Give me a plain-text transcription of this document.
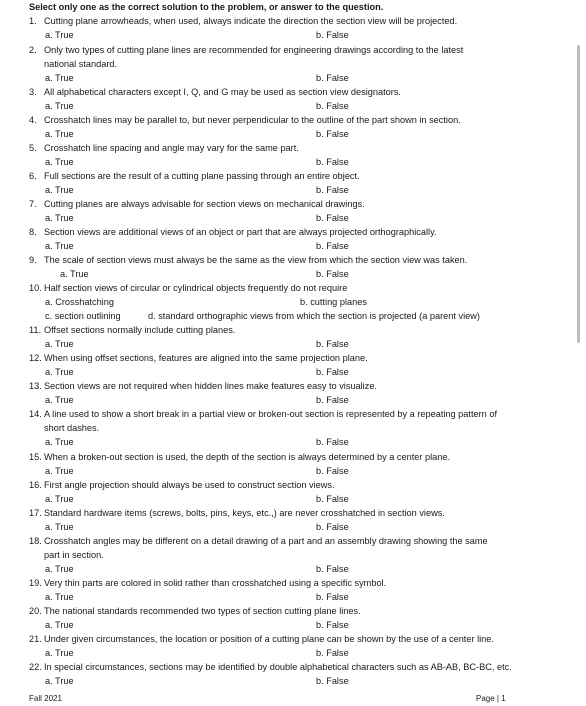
Select only one as the correct solution to the problem, or answer to the question.
1. Cutting plane arrowheads, when used, always indicate the direction the section view will be projected.
a. True	b. False
2. Only two types of cutting plane lines are recommended for engineering drawings according to the latest
national standard.
a. True	b. False
3. All alphabetical characters except I, Q, and G may be used as section view designators.
a. True	b. False
4. Crosshatch lines may be parallel to, but never perpendicular to the outline of the part shown in section.
a. True	b. False
5. Crosshatch line spacing and angle may vary for the same part.
a. True	b. False
6. Full sections are the result of a cutting plane passing through an entire object.
a. True	b. False
7. Cutting planes are always advisable for section views on mechanical drawings.
a. True	b. False
8. Section views are additional views of an object or part that are always projected orthographically.
a. True	b. False
9. The scale of section views must always be the same as the view from which the section view was taken.
a. True	b. False
10. Half section views of circular or cylindrical objects frequently do not require
a. Crosshatching	b. cutting planes
c. section outlining	d. standard orthographic views from which the section is projected (a parent view)
11. Offset sections normally include cutting planes.
a. True	b. False
12. When using offset sections, features are aligned into the same projection plane.
a. True	b. False
13. Section views are not required when hidden lines make features easy to visualize.
a. True	b. False
14. A line used to show a short break in a partial view or broken-out section is represented by a repeating pattern of
short dashes.
a. True	b. False
15. When a broken-out section is used, the depth of the section is always determined by a center plane.
a. True	b. False
16. First angle projection should always be used to construct section views.
a. True	b. False
17. Standard hardware items (screws, bolts, pins, keys, etc.,) are never crosshatched in section views.
a. True	b. False
18. Crosshatch angles may be different on a detail drawing of a part and an assembly drawing showing the same
part in section.
a. True	b. False
19. Very thin parts are colored in solid rather than crosshatched using a specific symbol.
a. True	b. False
20. The national standards recommended two types of section cutting plane lines.
a. True	b. False
21. Under given circumstances, the location or position of a cutting plane can be shown by the use of a center line.
a. True	b. False
22. In special circumstances, sections may be identified by double alphabetical characters such as AB-AB, BC-BC, etc.
a. True	b. False
Fall 2021	Page | 1
